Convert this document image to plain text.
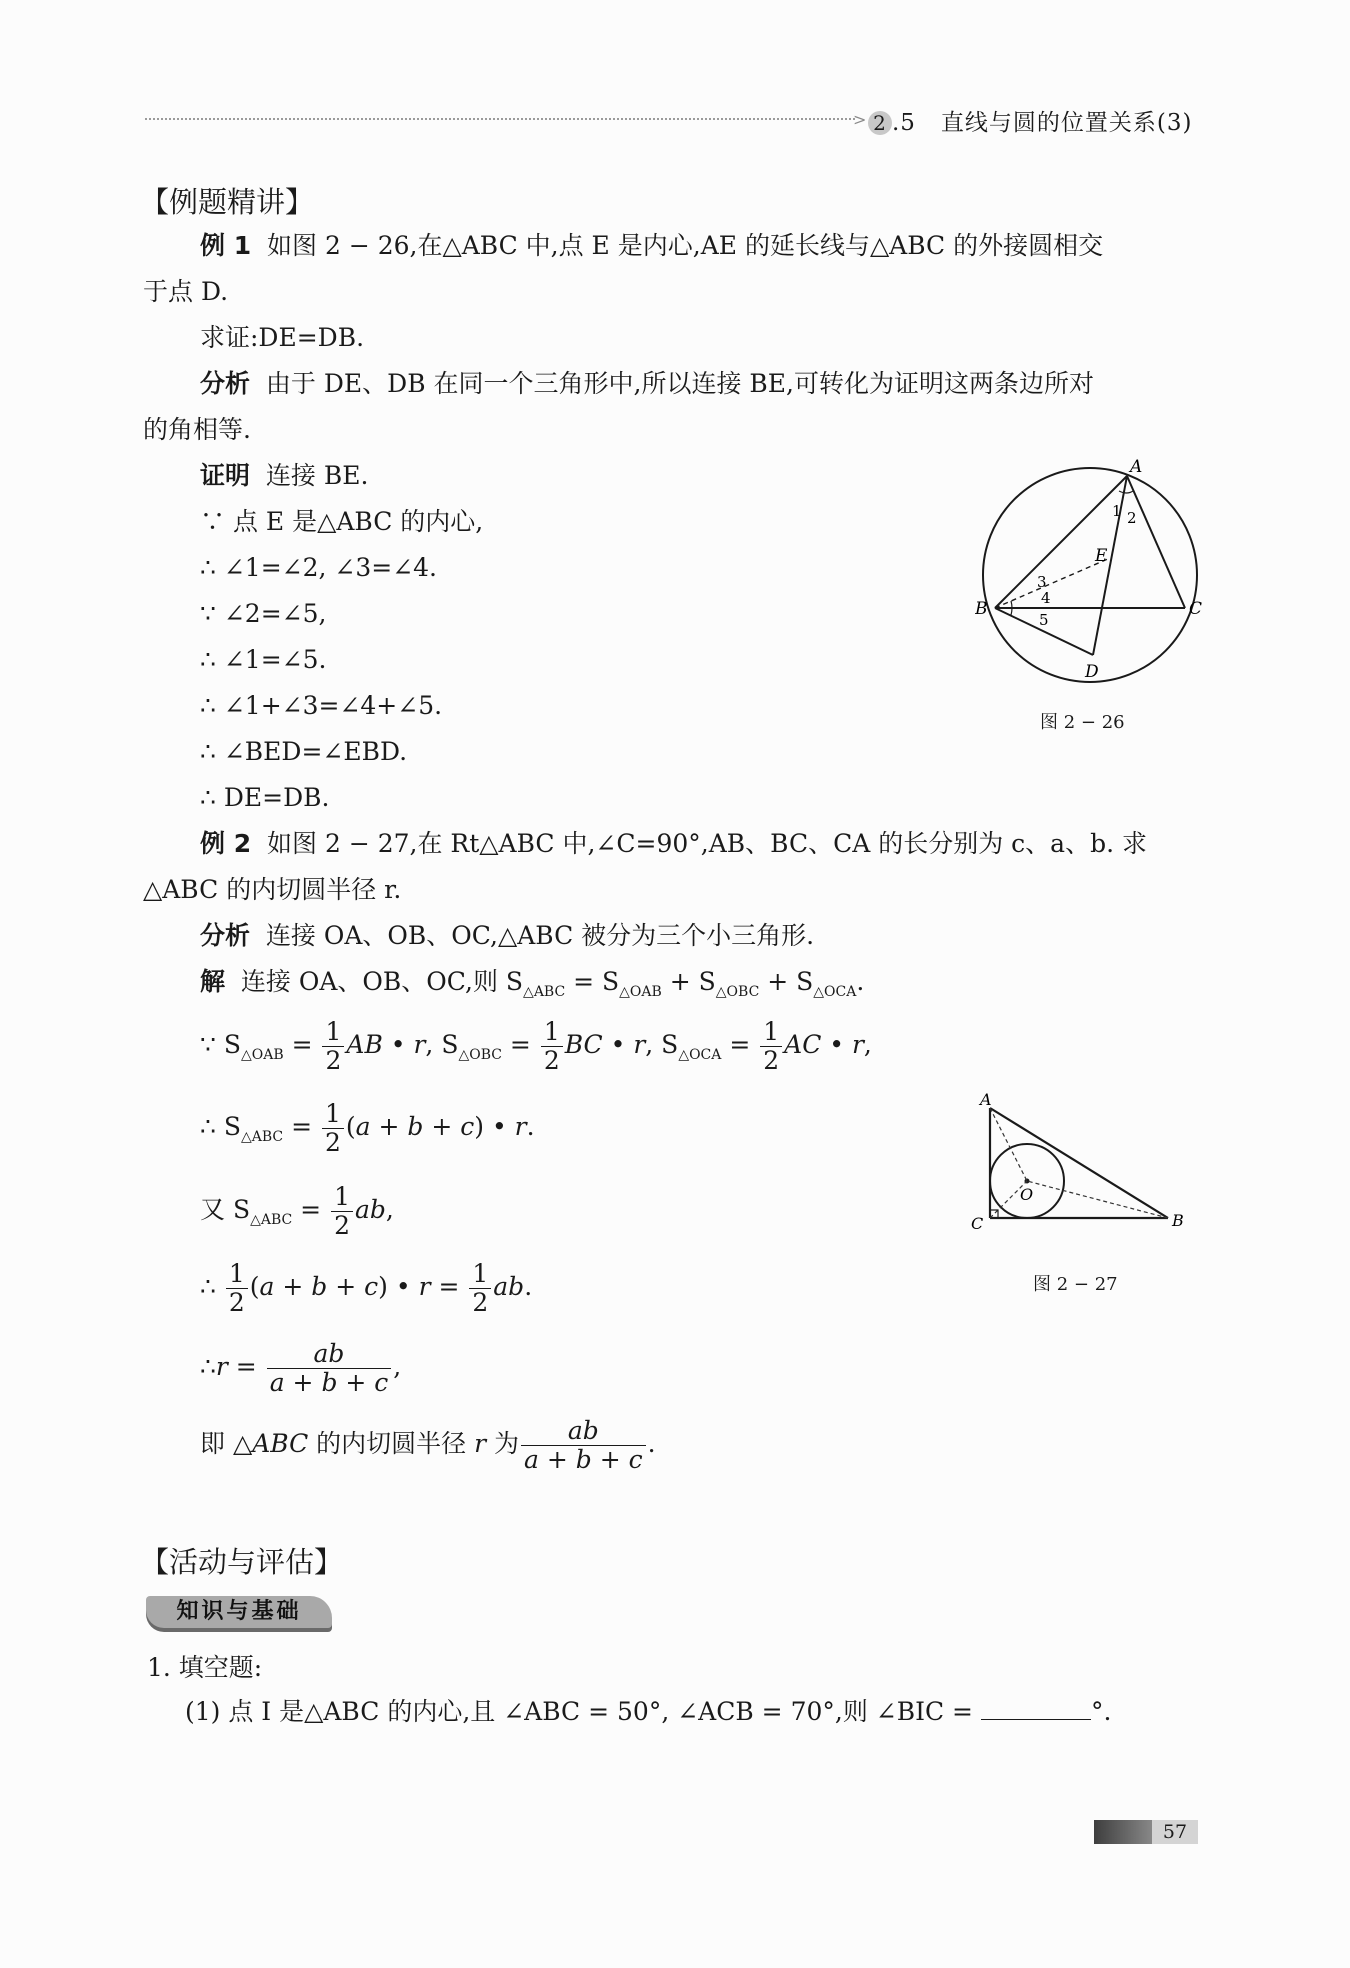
> 2 .5 直线与圆的位置关系(3)
【例题精讲】
例 1 如图 2 − 26,在△ABC 中,点 E 是内心,AE 的延长线与△ABC 的外接圆相交
于点 D.
求证:DE=DB.
分析 由于 DE、DB 在同一个三角形中,所以连接 BE,可转化为证明这两条边所对
的角相等.
证明 连接 BE.
∵ 点 E 是△ABC 的内心,
∴ ∠1=∠2, ∠3=∠4.
∵ ∠2=∠5,
∴ ∠1=∠5.
∴ ∠1+∠3=∠4+∠5.
∴ ∠BED=∠EBD.
∴ DE=DB.
A
B	C
D
E
1 2
3
4
5
图 2 − 26
例 2 如图 2 − 27,在 Rt△ABC 中,∠C=90°,AB、BC、CA 的长分别为 c、a、b. 求
△ABC 的内切圆半径 r.
分析 连接 OA、OB、OC,△ABC 被分为三个小三角形.
解 连接 OA、OB、OC,则 $S_{\triangle ABC} = S_{\triangle OAB} + S_{\triangle OBC} + S_{\triangle OCA}$.
∵ $S_{\triangle OAB} = \frac{1}{2}$ AB • r, $S_{\triangle OBC} = \frac{1}{2}$ BC • r, $S_{\triangle OCA} = \frac{1}{2}$ AC • r,
∴ $S_{\triangle ABC} = \frac{1}{2} (a + b + c)$ • r.
又 $S_{\triangle ABC} = \frac{1}{2}$ ab,
∴ $\frac{1}{2} (a + b + c)$ • $r = \frac{1}{2}$ ab.
∴r = $\frac{ab}{a + b + c}$ ,
即 △ABC 的内切圆半径 r 为 $\frac{ab}{a + b + c}$ .
A
B
C
O
图 2 − 27
【活动与评估】
知识与基础
1. 填空题:
(1) 点 I 是△ABC 的内心,且 ∠ABC = 50°, ∠ACB = 70°,则 ∠BIC =	°.
57
